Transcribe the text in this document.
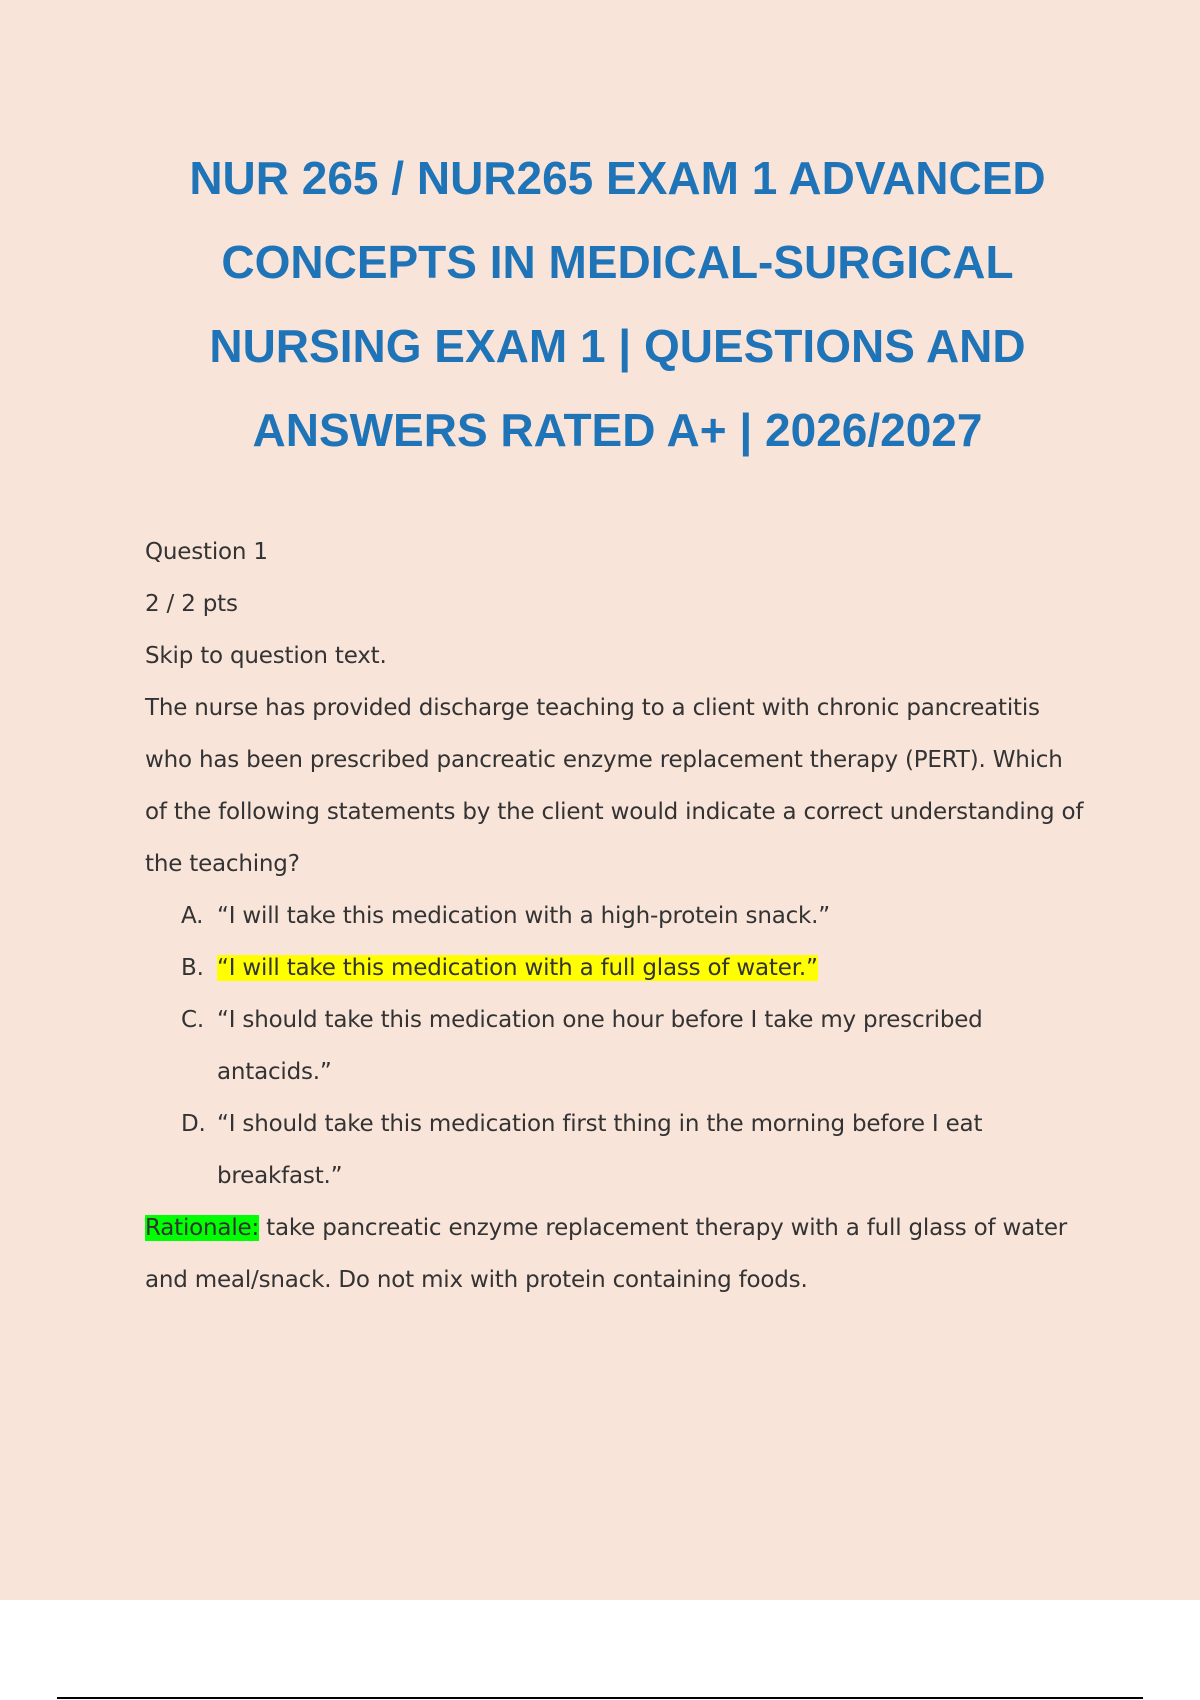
NUR 265 / NUR265 EXAM 1 ADVANCED
CONCEPTS IN MEDICAL-SURGICAL
NURSING EXAM 1 | QUESTIONS AND
ANSWERS RATED A+ | 2026/2027

Question 1

2 / 2 pts

Skip to question text.

The nurse has provided discharge teaching to a client with chronic pancreatitis who has been prescribed pancreatic enzyme replacement therapy (PERT). Which of the following statements by the client would indicate a correct understanding of the teaching?

A. “I will take this medication with a high-protein snack.”
B. “I will take this medication with a full glass of water.”
C. “I should take this medication one hour before I take my prescribed antacids.”
D. “I should take this medication first thing in the morning before I eat breakfast.”

Rationale: take pancreatic enzyme replacement therapy with a full glass of water and meal/snack. Do not mix with protein containing foods.
